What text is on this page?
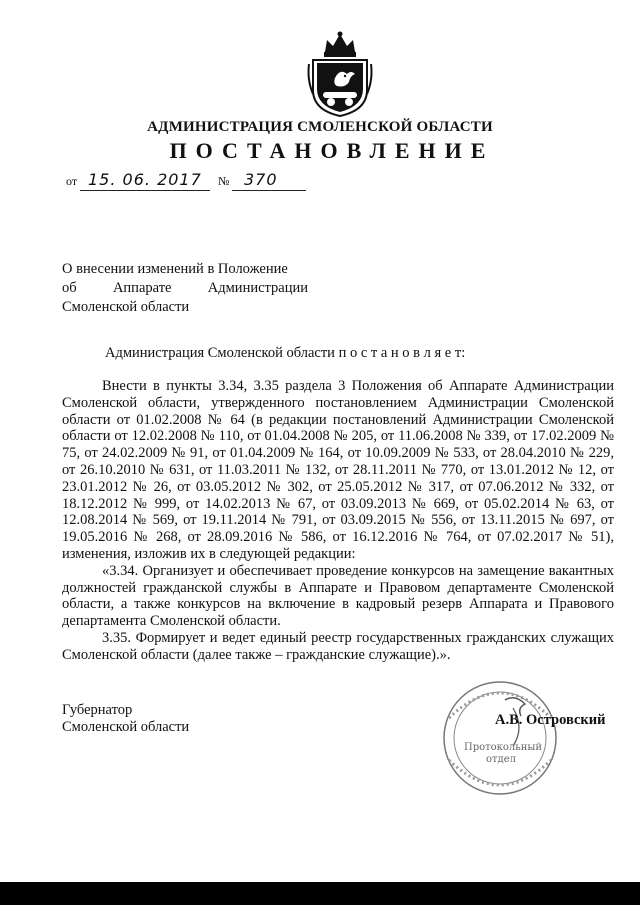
АДМИНИСТРАЦИЯ СМОЛЕНСКОЙ ОБЛАСТИ
ПОСТАНОВЛЕНИЕ
от 15. 06. 2017 № 370
О внесении изменений в Положение
об	Аппарате	Администрации
Смоленской области
Администрация Смоленской области п о с т а н о в л я е т:

Внести в пункты 3.34, 3.35 раздела 3 Положения об Аппарате Администрации Смоленской области, утвержденного постановлением Администрации Смоленской области от 01.02.2008 № 64 (в редакции постановлений Администрации Смоленской области от 12.02.2008 № 110, от 01.04.2008 № 205, от 11.06.2008 № 339, от 17.02.2009 № 75, от 24.02.2009 № 91, от 01.04.2009 № 164, от 10.09.2009 № 533, от 28.04.2010 № 229, от 26.10.2010 № 631, от 11.03.2011 № 132, от 28.11.2011 № 770, от 13.01.2012 № 12, от 23.01.2012 № 26, от 03.05.2012 № 302, от 25.05.2012 № 317, от 07.06.2012 № 332, от 18.12.2012 № 999, от 14.02.2013 № 67, от 03.09.2013 № 669, от 05.02.2014 № 63, от 12.08.2014 № 569, от 19.11.2014 № 791, от 03.09.2015 № 556, от 13.11.2015 № 697, от 19.05.2016 № 268, от 28.09.2016 № 586, от 16.12.2016 № 764, от 07.02.2017 № 51), изменения, изложив их в следующей редакции:

«3.34. Организует и обеспечивает проведение конкурсов на замещение вакантных должностей гражданской службы в Аппарате и Правовом департаменте Смоленской области, а также конкурсов на включение в кадровый резерв Аппарата и Правового департамента Смоленской области.

3.35. Формирует и ведет единый реестр государственных гражданских служащих Смоленской области (далее также – гражданские служащие).».

Губернатор
Смоленской области
Протокольный
отдел
А.В. Островский
